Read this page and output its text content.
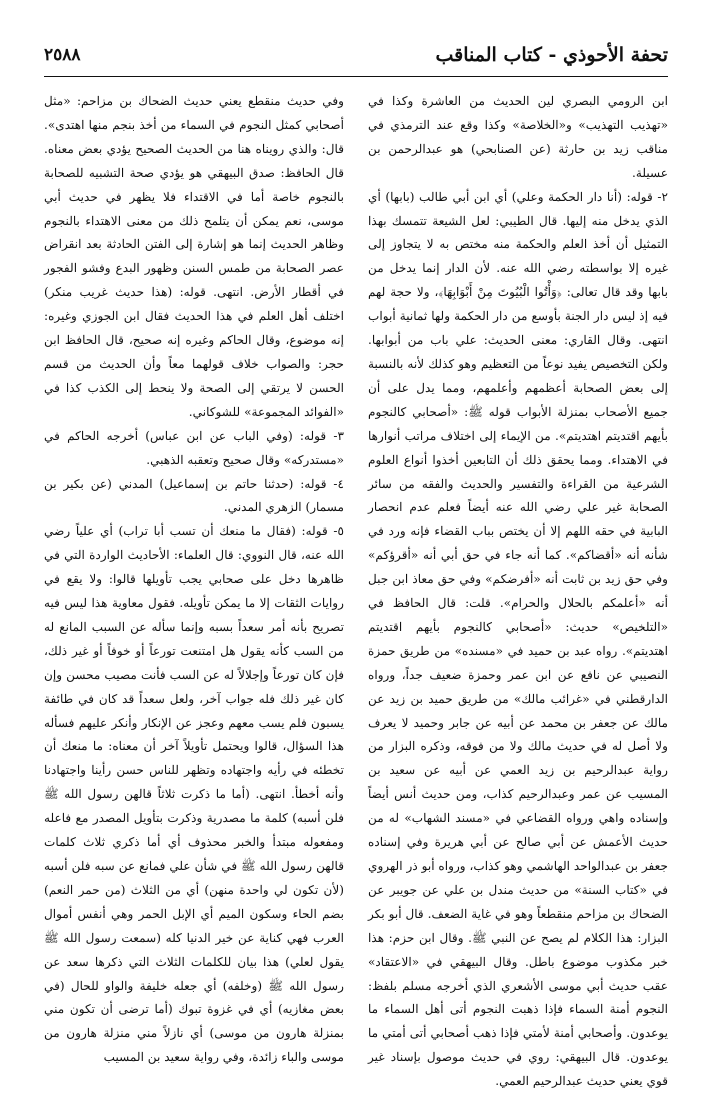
٢٥٨٨	تحفة الأحوذي - كتاب المناقب

ابن الرومي البصري لين الحديث من العاشرة وكذا في «تهذيب التهذيب» و«الخلاصة» وكذا وقع عند الترمذي في مناقب زيد بن حارثة (عن الصنابحي) هو عبدالرحمن بن عسيلة.

٢- قوله: (أنا دار الحكمة وعلي) أي ابن أبي طالب (بابها) أي الذي يدخل منه إليها. قال الطيبي: لعل الشيعة تتمسك بهذا التمثيل أن أخذ العلم والحكمة منه مختص به لا يتجاوز إلى غيره إلا بواسطته رضي الله عنه. لأن الدار إنما يدخل من بابها وقد قال تعالى: ﴿وَأْتُوا الْبُيُوتَ مِنْ أَبْوَابِهَا﴾، ولا حجة لهم فيه إذ ليس دار الجنة بأوسع من دار الحكمة ولها ثمانية أبواب انتهى. وقال القاري: معنى الحديث: علي باب من أبوابها. ولكن التخصيص يفيد نوعاً من التعظيم وهو كذلك لأنه بالنسبة إلى بعض الصحابة أعظمهم وأعلمهم، ومما يدل على أن جميع الأصحاب بمنزلة الأبواب قوله ﷺ: «أصحابي كالنجوم بأيهم اقتديتم اهتديتم». من الإيماء إلى اختلاف مراتب أنوارها في الاهتداء. ومما يحقق ذلك أن التابعين أخذوا أنواع العلوم الشرعية من القراءة والتفسير والحديث والفقه من سائر الصحابة غير علي رضي الله عنه أيضاً فعلم عدم انحصار البابية في حقه اللهم إلا أن يختص بباب القضاء فإنه ورد في شأنه أنه «أقضاكم». كما أنه جاء في حق أبي أنه «أقرؤكم» وفي حق زيد بن ثابت أنه «أفرضكم» وفي حق معاذ ابن جبل أنه «أعلمكم بالحلال والحرام». قلت: قال الحافظ في «التلخيص» حديث: «أصحابي كالنجوم بأيهم اقتديتم اهتديتم». رواه عبد بن حميد في «مسنده» من طريق حمزة النصيبي عن نافع عن ابن عمر وحمزة ضعيف جداً، ورواه الدارقطني في «غرائب مالك» من طريق حميد بن زيد عن مالك عن جعفر بن محمد عن أبيه عن جابر وحميد لا يعرف ولا أصل له في حديث مالك ولا من فوقه، وذكره البزار من رواية عبدالرحيم بن زيد العمي عن أبيه عن سعيد بن المسيب عن عمر وعبدالرحيم كذاب، ومن حديث أنس أيضاً وإسناده واهي ورواه القضاعي في «مسند الشهاب» له من حديث الأعمش عن أبي صالح عن أبي هريرة وفي إسناده جعفر بن عبدالواحد الهاشمي وهو كذاب، ورواه أبو ذر الهروي في «كتاب السنة» من حديث مندل بن علي عن جويبر عن الضحاك بن مزاحم منقطعاً وهو في غاية الضعف. قال أبو بكر البزار: هذا الكلام لم يصح عن النبي ﷺ. وقال ابن حزم: هذا خبر مكذوب موضوع باطل. وقال البيهقي في «الاعتقاد» عقب حديث أبي موسى الأشعري الذي أخرجه مسلم بلفظ: النجوم أمنة السماء فإذا ذهبت النجوم أتى أهل السماء ما يوعدون. وأصحابي أمنة لأمتي فإذا ذهب أصحابي أتى أمتي ما يوعدون. قال البيهقي: روي في حديث موصول بإسناد غير قوي يعني حديث عبدالرحيم العمي.

وفي حديث منقطع يعني حديث الضحاك بن مزاحم: «مثل أصحابي كمثل النجوم في السماء من أخذ بنجم منها اهتدى». قال: والذي رويناه هنا من الحديث الصحيح يؤدي بعض معناه. قال الحافظ: صدق البيهقي هو يؤدي صحة التشبيه للصحابة بالنجوم خاصة أما في الاقتداء فلا يظهر في حديث أبي موسى، نعم يمكن أن يتلمح ذلك من معنى الاهتداء بالنجوم وظاهر الحديث إنما هو إشارة إلى الفتن الحادثة بعد انقراض عصر الصحابة من طمس السنن وظهور البدع وفشو الفجور في أقطار الأرض. انتهى. قوله: (هذا حديث غريب منكر) اختلف أهل العلم في هذا الحديث فقال ابن الجوزي وغيره: إنه موضوع، وقال الحاكم وغيره إنه صحيح، قال الحافظ ابن حجر: والصواب خلاف قولهما معاً وأن الحديث من قسم الحسن لا يرتقي إلى الصحة ولا ينحط إلى الكذب كذا في «الفوائد المجموعة» للشوكاني.

٣- قوله: (وفي الباب عن ابن عباس) أخرجه الحاكم في «مستدركه» وقال صحيح وتعقبه الذهبي.

٤- قوله: (حدثنا حاتم بن إسماعيل) المدني (عن بكير بن مسمار) الزهري المدني.

٥- قوله: (فقال ما منعك أن تسب أبا تراب) أي علياً رضي الله عنه، قال النووي: قال العلماء: الأحاديث الواردة التي في ظاهرها دخل على صحابي يجب تأويلها قالوا: ولا يقع في روايات الثقات إلا ما يمكن تأويله. فقول معاوية هذا ليس فيه تصريح بأنه أمر سعداً بسبه وإنما سأله عن السبب المانع له من السب كأنه يقول هل امتنعت تورعاً أو خوفاً أو غير ذلك، فإن كان تورعاً وإجلالاً له عن السب فأنت مصيب محسن وإن كان غير ذلك فله جواب آخر، ولعل سعداً قد كان في طائفة يسبون فلم يسب معهم وعجز عن الإنكار وأنكر عليهم فسأله هذا السؤال، قالوا ويحتمل تأويلاً آخر أن معناه: ما منعك أن تخطئه في رأيه واجتهاده وتظهر للناس حسن رأينا واجتهادنا وأنه أخطأ. انتهى. (أما ما ذكرت ثلاثاً قالهن رسول الله ﷺ فلن أسبه) كلمة ما مصدرية وذكرت بتأويل المصدر مع فاعله ومفعوله مبتدأ والخبر محذوف أي أما ذكري ثلاث كلمات قالهن رسول الله ﷺ في شأن علي فمانع عن سبه فلن أسبه (لأن تكون لي واحدة منهن) أي من الثلاث (من حمر النعم) بضم الحاء وسكون الميم أي الإبل الحمر وهي أنفس أموال العرب فهي كناية عن خير الدنيا كله (سمعت رسول الله ﷺ يقول لعلي) هذا بيان للكلمات الثلاث التي ذكرها سعد عن رسول الله ﷺ (وخلفه) أي جعله خليفة والواو للحال (في بعض مغازيه) أي في غزوة تبوك (أما ترضى أن تكون مني بمنزلة هارون من موسى) أي نازلاً مني منزلة هارون من موسى والباء زائدة، وفي رواية سعيد بن المسيب
